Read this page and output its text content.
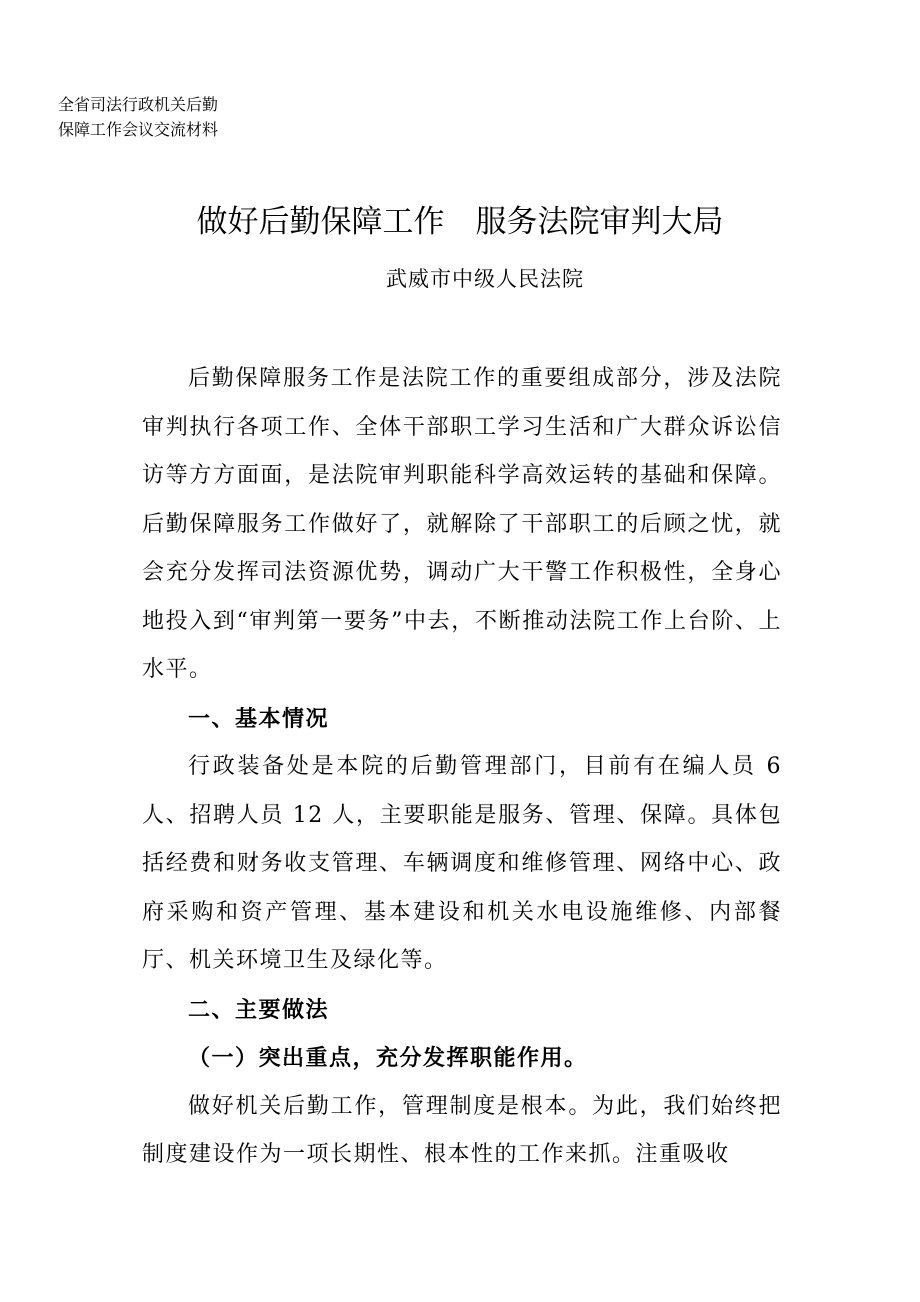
全省司法行政机关后勤
保障工作会议交流材料
做好后勤保障工作　服务法院审判大局
武威市中级人民法院

后勤保障服务工作是法院工作的重要组成部分，涉及法院审判执行各项工作、全体干部职工学习生活和广大群众诉讼信访等方方面面，是法院审判职能科学高效运转的基础和保障。后勤保障服务工作做好了，就解除了干部职工的后顾之忧，就会充分发挥司法资源优势，调动广大干警工作积极性，全身心地投入到“审判第一要务”中去，不断推动法院工作上台阶、上水平。

一、基本情况

行政装备处是本院的后勤管理部门，目前有在编人员 6 人、招聘人员 12 人，主要职能是服务、管理、保障。具体包括经费和财务收支管理、车辆调度和维修管理、网络中心、政府采购和资产管理、基本建设和机关水电设施维修、内部餐厅、机关环境卫生及绿化等。

二、主要做法

（一）突出重点，充分发挥职能作用。

做好机关后勤工作，管理制度是根本。为此，我们始终把制度建设作为一项长期性、根本性的工作来抓。注重吸收
